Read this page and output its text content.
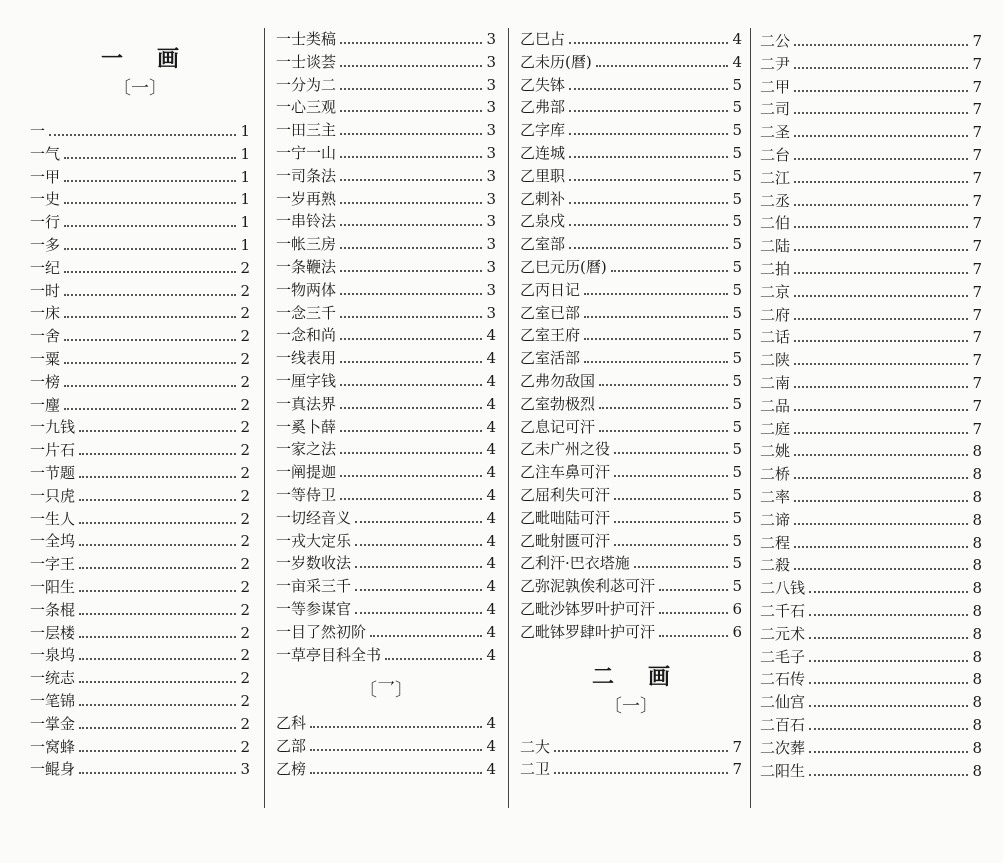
一画
〔一〕
一	1
一气	1
一甲	1
一史	1
一行	1
一多	1
一纪	2
一时	2
一床	2
一舍	2
一粟	2
一榜	2
一麈	2
一九钱	2
一片石	2
一节题	2
一只虎	2
一生人	2
一全坞	2
一字王	2
一阳生	2
一条棍	2
一层楼	2
一泉坞	2
一统志	2
一笔锦	2
一掌金	2
一窝蜂	2
一鲲身	3
一士类稿	3
一士谈荟	3
一分为二	3
一心三观	3
一田三主	3
一宁一山	3
一司条法	3
一岁再熟	3
一串铃法	3
一帐三房	3
一条鞭法	3
一物两体	3
一念三千	3
一念和尚	4
一线表用	4
一厘字钱	4
一真法界	4
一奚卜薛	4
一家之法	4
一阐提迦	4
一等侍卫	4
一切经音义	4
一戎大定乐	4
一岁数收法	4
一亩采三千	4
一等参谋官	4
一目了然初阶	4
一草亭目科全书	4
〔乛〕
乙科	4
乙部	4
乙榜	4
乙巳占	4
乙未历(曆)	4
乙失钵	5
乙弗部	5
乙字库	5
乙连城	5
乙里职	5
乙剌补	5
乙泉戍	5
乙室部	5
乙巳元历(曆)	5
乙丙日记	5
乙室已部	5
乙室王府	5
乙室活部	5
乙弗勿敌国	5
乙室勃极烈	5
乙息记可汗	5
乙未广州之役	5
乙注车鼻可汗	5
乙屈利失可汗	5
乙毗咄陆可汗	5
乙毗射匮可汗	5
乙利汗·巴衣塔施	5
乙弥泥孰俟利苾可汗	5
乙毗沙钵罗叶护可汗	6
乙毗钵罗肆叶护可汗	6
二画
〔一〕
二大	7
二卫	7
二公	7
二尹	7
二甲	7
二司	7
二圣	7
二台	7
二江	7
二丞	7
二伯	7
二陆	7
二拍	7
二京	7
二府	7
二话	7
二陕	7
二南	7
二品	7
二庭	7
二姚	8
二桥	8
二率	8
二谛	8
二程	8
二殺	8
二八钱	8
二千石	8
二元术	8
二毛子	8
二石传	8
二仙宫	8
二百石	8
二次葬	8
二阳生	8
